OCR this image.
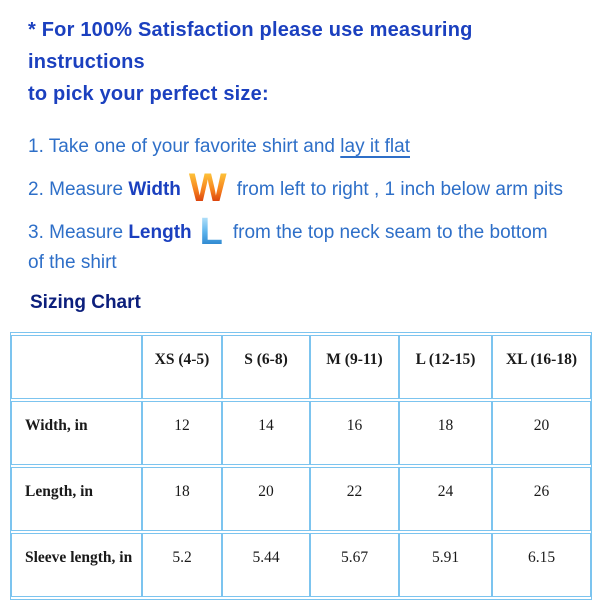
* For 100% Satisfaction please use measuring instructions
to pick your perfect size:
1. Take one of your favorite shirt and lay it flat
2. Measure Width W from left to right , 1 inch below arm pits
3. Measure Length L from the top neck seam to the bottom of the shirt
Sizing Chart
	XS (4-5)	S (6-8)	M (9-11)	L (12-15)	XL (16-18)
Width, in	12	14	16	18	20
Length, in	18	20	22	24	26
Sleeve length, in	5.2	5.44	5.67	5.91	6.15
